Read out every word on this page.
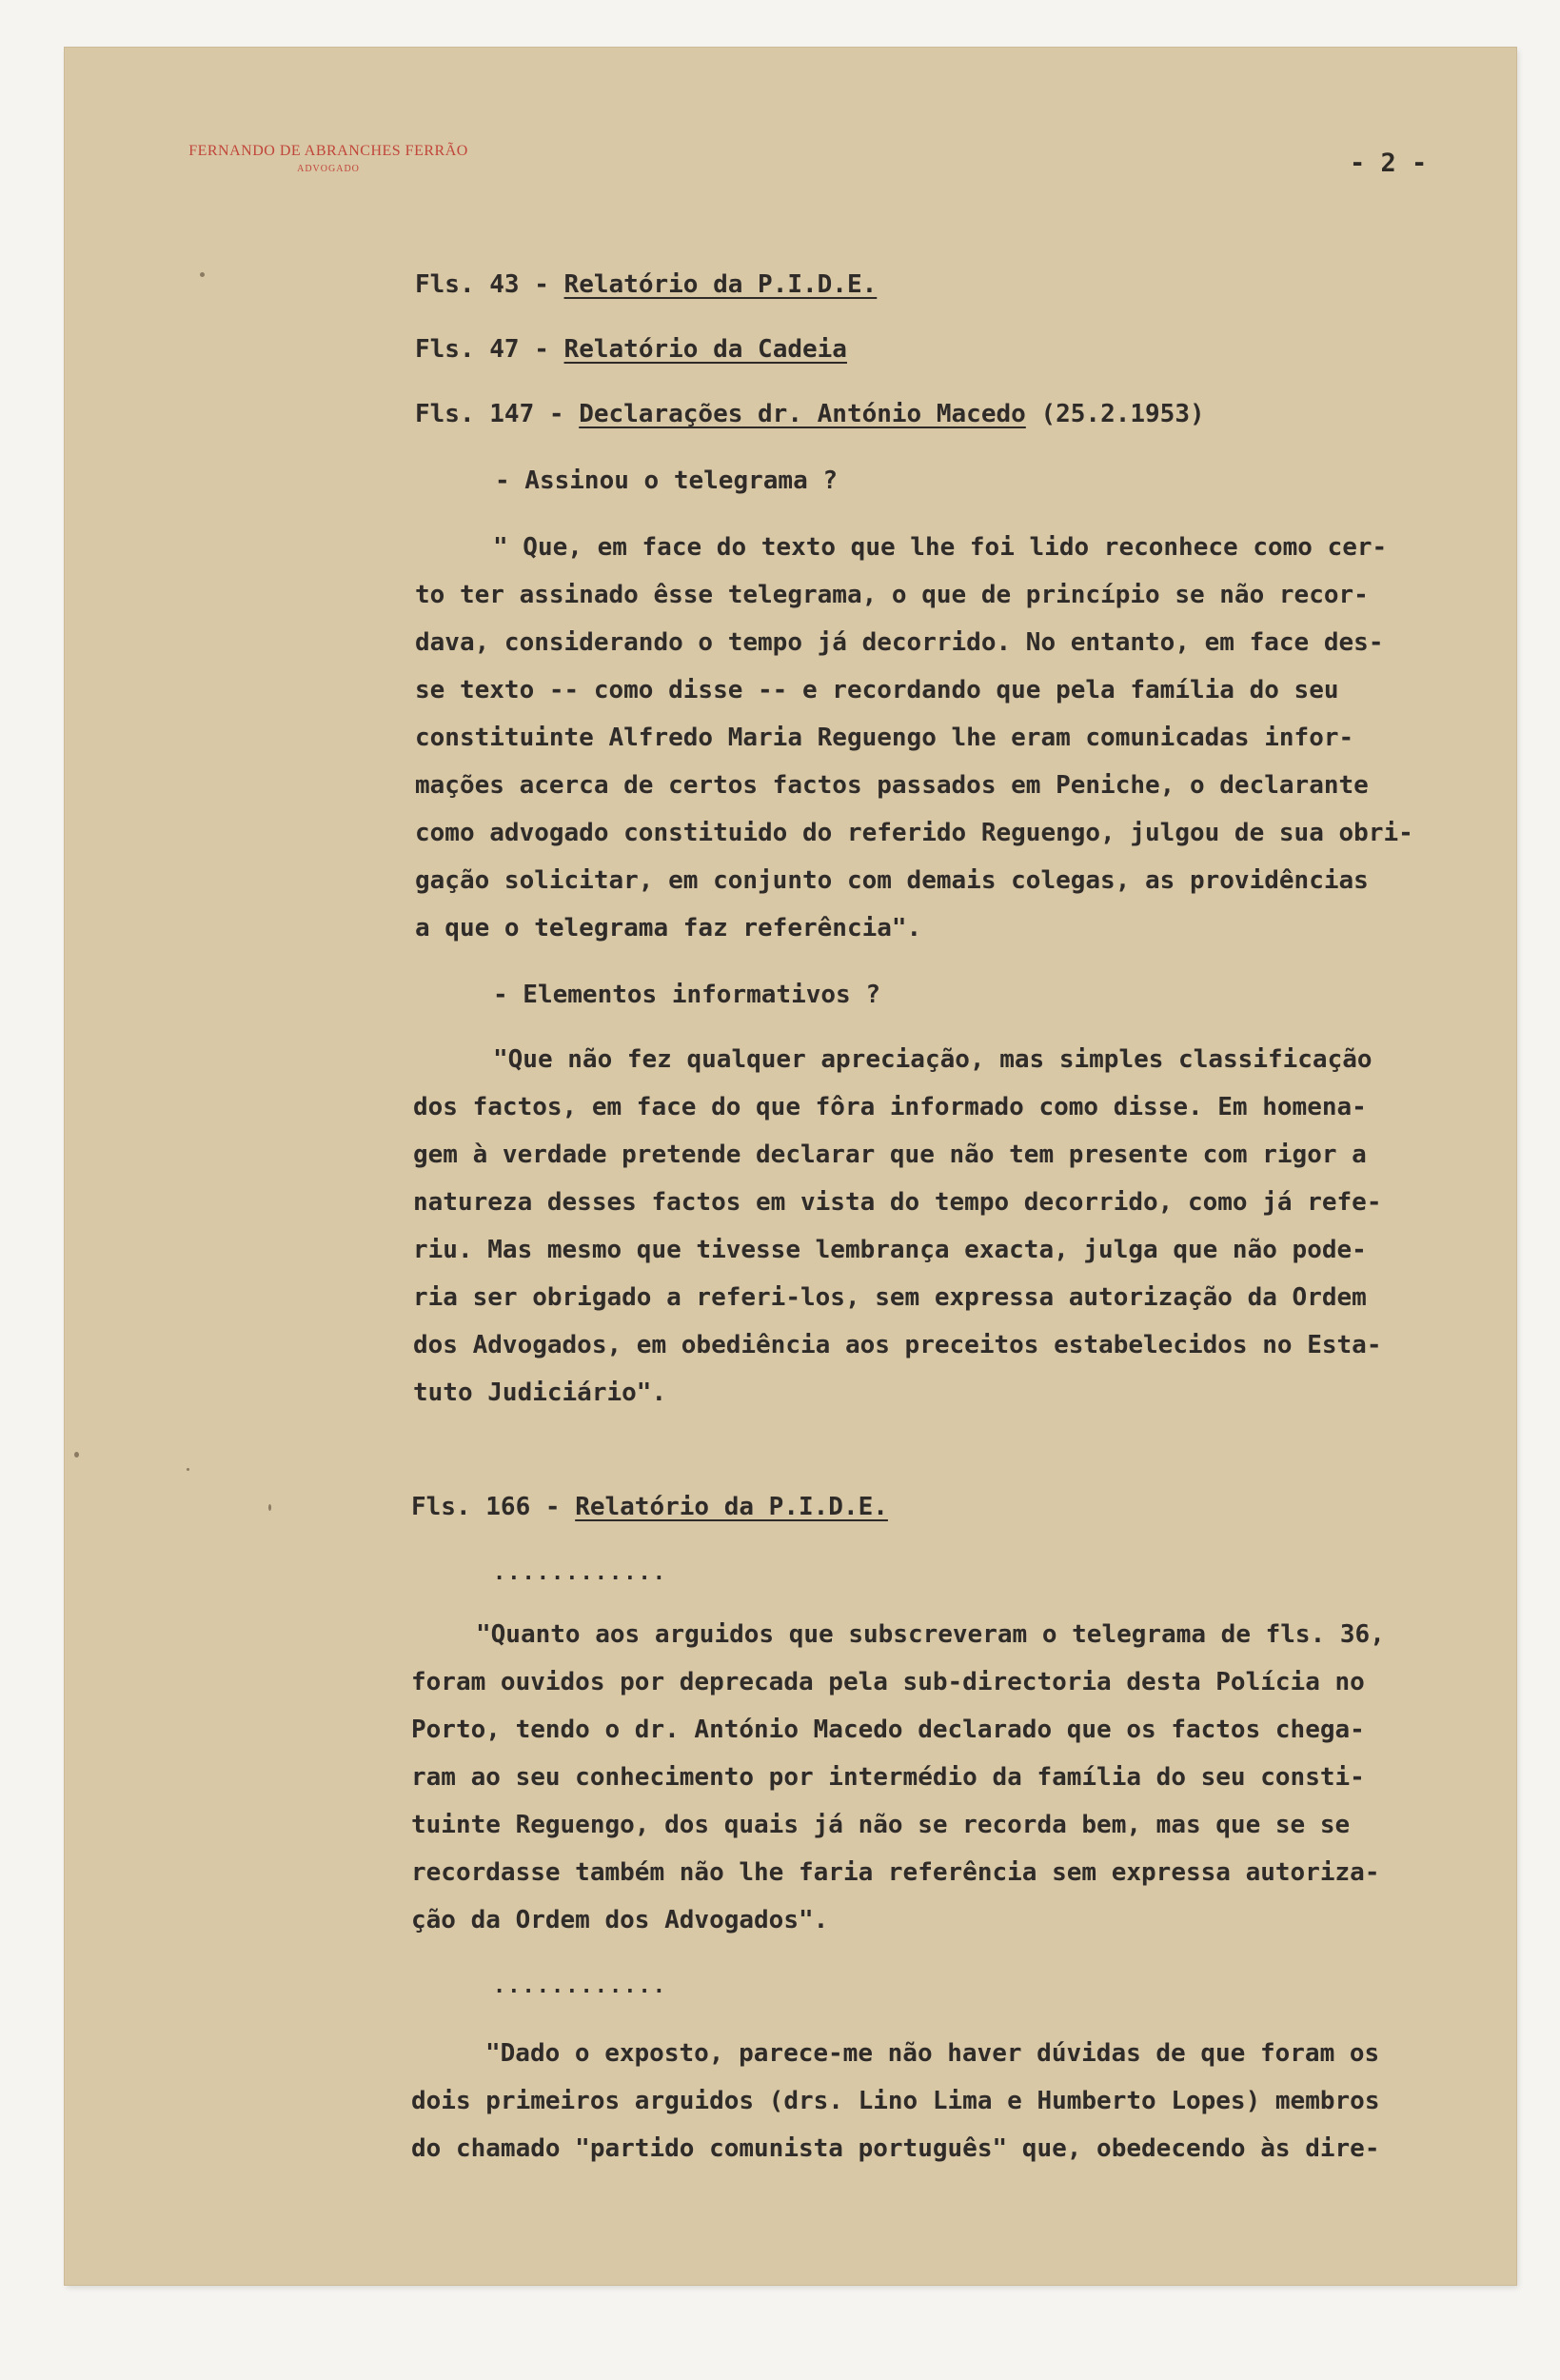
FERNANDO DE ABRANCHES FERRÃO
ADVOGADO	- 2 -
Fls. 43 - Relatório da P.I.D.E.
Fls. 47 - Relatório da Cadeia
Fls. 147 - Declarações dr. António Macedo (25.2.1953)
- Assinou o telegrama ?
" Que, em face do texto que lhe foi lido reconhece como cer-
to ter assinado êsse telegrama, o que de princípio se não recor-
dava, considerando o tempo já decorrido. No entanto, em face des-
se texto -- como disse -- e recordando que pela família do seu
constituinte Alfredo Maria Reguengo lhe eram comunicadas infor-
mações acerca de certos factos passados em Peniche, o declarante
como advogado constituido do referido Reguengo, julgou de sua obri-
gação solicitar, em conjunto com demais colegas, as providências
a que o telegrama faz referência".
- Elementos informativos ?
"Que não fez qualquer apreciação, mas simples classificação
dos factos, em face do que fôra informado como disse. Em homena-
gem à verdade pretende declarar que não tem presente com rigor a
natureza desses factos em vista do tempo decorrido, como já refe-
riu. Mas mesmo que tivesse lembrança exacta, julga que não pode-
ria ser obrigado a referi-los, sem expressa autorização da Ordem
dos Advogados, em obediência aos preceitos estabelecidos no Esta-
tuto Judiciário".
Fls. 166 - Relatório da P.I.D.E.
............
"Quanto aos arguidos que subscreveram o telegrama de fls. 36,
foram ouvidos por deprecada pela sub-directoria desta Polícia no
Porto, tendo o dr. António Macedo declarado que os factos chega-
ram ao seu conhecimento por intermédio da família do seu consti-
tuinte Reguengo, dos quais já não se recorda bem, mas que se se
recordasse também não lhe faria referência sem expressa autoriza-
ção da Ordem dos Advogados".
............
"Dado o exposto, parece-me não haver dúvidas de que foram os
dois primeiros arguidos (drs. Lino Lima e Humberto Lopes) membros
do chamado "partido comunista português" que, obedecendo às dire-
